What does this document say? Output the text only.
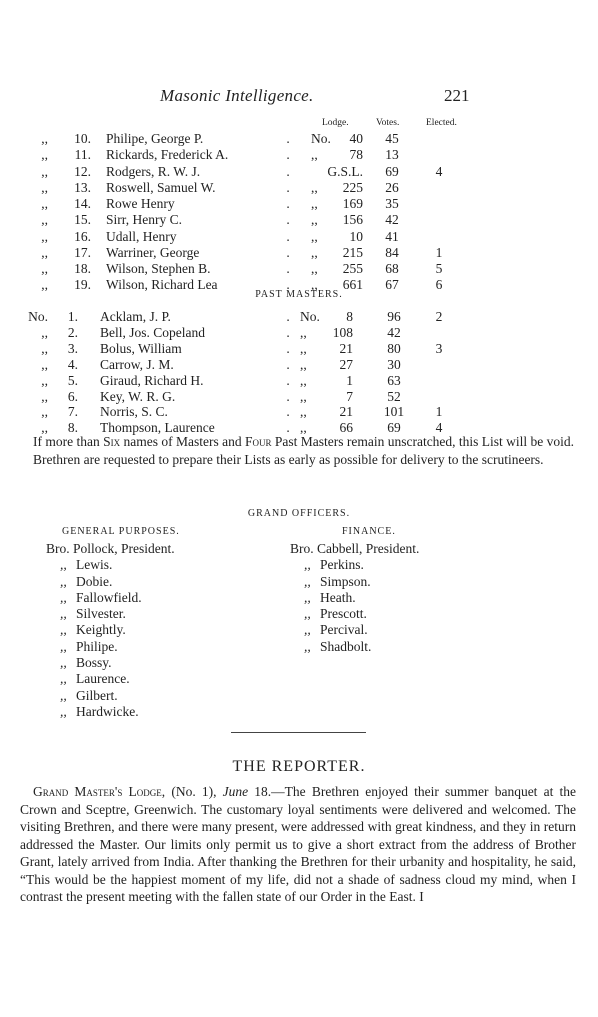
Masonic Intelligence.	221
Lodge.	Votes.	Elected.
,,	10. Philipe, George P.	. No.	40	45
,,	11. Rickards, Frederick A.	. ,,	78	13
,,	12. Rodgers, R. W. J.	.	G.S.L.	69	4
,,	13. Roswell, Samuel W.	. ,, 225	26
,,	14. Rowe Henry	. ,, 169	35
,,	15. Sirr, Henry C.	. ,, 156	42
,,	16. Udall, Henry	. ,,	10	41
,,	17. Warriner, George	. ,, 215	84	1
,,	18. Wilson, Stephen B.	. ,, 255	68	5
,,	19. Wilson, Richard Lea	. ,, 661	67	6
PAST MASTERS.
No.	1. Acklam, J. P.	. No.	8	96	2
,,	2. Bell, Jos. Copeland	. ,, 108	42
,,	3. Bolus, William	. ,,	21	80	3
,,	4. Carrow, J. M.	. ,,	27	30
,,	5. Giraud, Richard H.	. ,,	1	63
,,	6. Key, W. R. G.	. ,,	7	52
,,	7. Norris, S. C.	. ,,	21	101	1
,,	8. Thompson, Laurence	. ,,	66	69	4

If more than Six names of Masters and Four Past Masters remain unscratched, this List will be void.

Brethren are requested to prepare their Lists as early as possible for delivery to the scrutineers.

GRAND OFFICERS.
GENERAL PURPOSES.	FINANCE.
Bro. Pollock, President.
,, Lewis.
,, Dobie.
,, Fallowfield.
,, Silvester.
,, Keightly.
,, Philipe.
,, Bossy.
,, Laurence.
,, Gilbert.
,, Hardwicke.
Bro. Cabbell, President.
,, Perkins.
,, Simpson.
,, Heath.
,, Prescott.
,, Percival.
,, Shadbolt.
THE REPORTER.

Grand Master's Lodge, (No. 1), June 18.—The Brethren enjoyed their summer banquet at the Crown and Sceptre, Greenwich. The customary loyal sentiments were delivered and welcomed. The visiting Brethren, and there were many present, were addressed with great kindness, and they in return addressed the Master. Our limits only permit us to give a short extract from the address of Brother Grant, lately arrived from India. After thanking the Brethren for their urbanity and hospitality, he said, “This would be the happiest moment of my life, did not a shade of sadness cloud my mind, when I contrast the present meeting with the fallen state of our Order in the East. I
